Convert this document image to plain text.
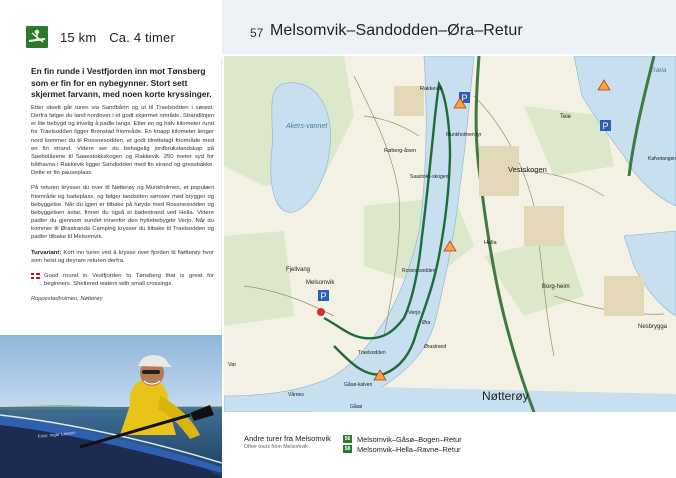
15 km Ca. 4 timer
En fin runde i Vestfjorden inn mot Tønsberg som er fin for en nybegynner. Stort sett skjermet farvann, med noen korte kryssinger.

Etter utsett går turen via Sandbånn og ut til Traelsodden i sørøst. Derfra følger du land nordover i et godt skjermet område. Strandlinjen er lite bebygd og trivelig å padle langs. Etter en og halv kilometer rund for Traelsodden ligger Bronstad friområde. En knapp kilometer lenger nord kommer du til Rossnesodden, et godt tilrettelagt friområde med en fin strand. Videre ser du behagelig jordbrukslandskap på Saebolåsene til Saaestokkskogen og Rakkevik. 250 meter syd for båthavna i Rakkevik ligger Sandodden med fin strand og gressbakke. Dette er fin pauseplass.

På returen krysser du over til Nøtterøy og Munkholmen, et populært friområde og badeplass, og følger landsiden sørover med brygger og bebyggelse. Når du igjen er tilbake på høyde med Rossnesodden og bebyggelsen avtar, finner du også ei badestrand ved Hella. Videre padler du gjennom sundet innenfor den hyttebebygde Verjo. Når du kommer til Ørastranda Camping krysser du tilbake til Traelsodden og padler tilbake til Melsomvik.

Turvariant: Kort inn turen ved å krysse over fjorden til Nøtterøy hvor som helst og deyram returen derfra.

Good round in Vestfjorden to Tønsberg that is great for beginners. Sheltered waters with small crossings.

Roppestadholmen, Nøtterøy

Foto: Ingar Lassen
57 Melsomvik–Sandodden–Øra–Retur
P
P
P
Akers-vannet
Vestskogen
Nøtterøy
Fjellvang
Melsomvik
Teie
Træla
Borg-heim
Nesbrygga
Røberg-åsen
Rakkevik
Munkholmen fyr
Saastokk-skogen
Hella
Verjo
Rossnesodden
Traelsodden
Gåsø-kalven
Gåsø
Øra
Ørastrand
Var
Vårnes
Kafvetangen
Andre turer fra Melsomvik
Other tours from Melsomvik
56 Melsomvik–Gåsø–Bogen–Retur
58 Melsomvik–Hella–Ravne–Retur
